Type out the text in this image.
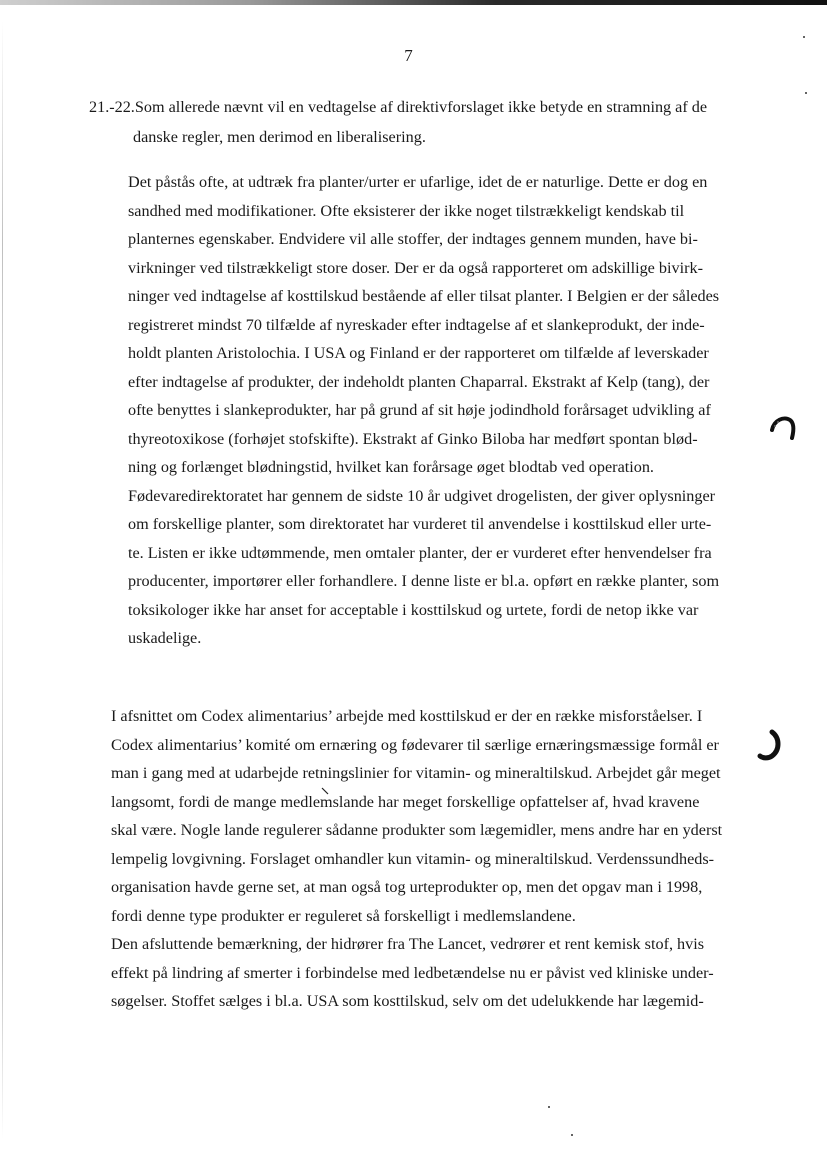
7
21.-22.Som allerede nævnt vil en vedtagelse af direktivforslaget ikke betyde en stramning af de
danske regler, men derimod en liberalisering.
Det påstås ofte, at udtræk fra planter/urter er ufarlige, idet de er naturlige. Dette er dog en
sandhed med modifikationer. Ofte eksisterer der ikke noget tilstrækkeligt kendskab til
planternes egenskaber. Endvidere vil alle stoffer, der indtages gennem munden, have bi-
virkninger ved tilstrækkeligt store doser. Der er da også rapporteret om adskillige bivirk-
ninger ved indtagelse af kosttilskud bestående af eller tilsat planter. I Belgien er der således
registreret mindst 70 tilfælde af nyreskader efter indtagelse af et slankeprodukt, der inde-
holdt planten Aristolochia. I USA og Finland er der rapporteret om tilfælde af leverskader
efter indtagelse af produkter, der indeholdt planten Chaparral. Ekstrakt af Kelp (tang), der
ofte benyttes i slankeprodukter, har på grund af sit høje jodindhold forårsaget udvikling af
thyreotoxikose (forhøjet stofskifte). Ekstrakt af Ginko Biloba har medført spontan blød-
ning og forlænget blødningstid, hvilket kan forårsage øget blodtab ved operation.
Fødevaredirektoratet har gennem de sidste 10 år udgivet drogelisten, der giver oplysninger
om forskellige planter, som direktoratet har vurderet til anvendelse i kosttilskud eller urte-
te. Listen er ikke udtømmende, men omtaler planter, der er vurderet efter henvendelser fra
producenter, importører eller forhandlere. I denne liste er bl.a. opført en række planter, som
toksikologer ikke har anset for acceptable i kosttilskud og urtete, fordi de netop ikke var
uskadelige.
I afsnittet om Codex alimentarius’ arbejde med kosttilskud er der en række misforståelser. I
Codex alimentarius’ komité om ernæring og fødevarer til særlige ernæringsmæssige formål er
man i gang med at udarbejde retningslinier for vitamin- og mineraltilskud. Arbejdet går meget
langsomt, fordi de mange medlemslande har meget forskellige opfattelser af, hvad kravene
skal være. Nogle lande regulerer sådanne produkter som lægemidler, mens andre har en yderst
lempelig lovgivning. Forslaget omhandler kun vitamin- og mineraltilskud. Verdenssundheds-
organisation havde gerne set, at man også tog urteprodukter op, men det opgav man i 1998,
fordi denne type produkter er reguleret så forskelligt i medlemslandene.
Den afsluttende bemærkning, der hidrører fra The Lancet, vedrører et rent kemisk stof, hvis
effekt på lindring af smerter i forbindelse med ledbetændelse nu er påvist ved kliniske under-
søgelser. Stoffet sælges i bl.a. USA som kosttilskud, selv om det udelukkende har lægemid-
